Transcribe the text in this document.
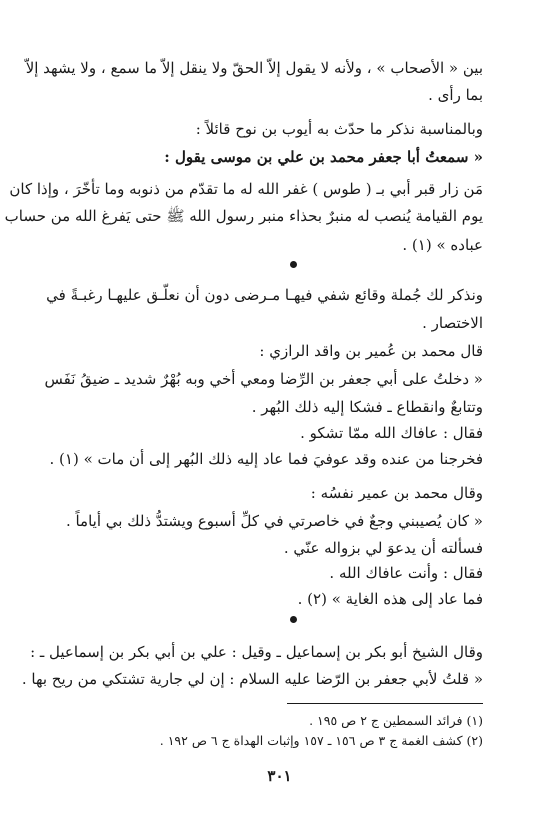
بين « الأصحاب » ، ولأنه لا يقول إلاّ الحقّ ولا ينقل إلاّ ما سمع ، ولا يشهد إلاّ
بما رأى .
وبالمناسبة نذكر ما حدّث به أيوب بن نوح قائلاً :
« سمعتُ أبا جعفر محمد بن علي بن موسى يقول :
مَن زار قبر أبي بـ ( طوس ) غفر الله له ما تقدّم من ذنوبه وما تأخّرَ ، وإذا كان
يوم القيامة يُنصب له منبرٌ بحذاء منبر رسول الله ﷺ حتى يَفرغ الله من حساب
عباده » (١) .
ونذكر لك جُملة وقائع شفي فيهـا مـرضى دون أن نعلّـق عليهـا رغبـةً في
الاختصار .
قال محمد بن عُمير بن واقد الرازي :
« دخلتُ على أبي جعفر بن الرِّضا ومعي أخي وبه بُهْرٌ شديد ـ ضيقُ نَفَس
وتتابعٌ وانقطاع ـ فشكا إليه ذلك البُهر .
فقال : عافاك الله ممّا تشكو .
فخرجنا من عنده وقد عوفيَ فما عاد إليه ذلك البُهر إلى أن مات » (١) .
وقال محمد بن عمير نفسُه :
« كان يُصيبني وجعٌ في خاصرتي في كلِّ أسبوع ويشتدُّ ذلك بي أياماً .
فسألته أن يدعوَ لي بزواله عنّي .
فقال : وأنت عافاك الله .
فما عاد إلى هذه الغاية » (٢) .
وقال الشيخ أبو بكر بن إسماعيل ـ وقيل : علي بن أبي بكر بن إسماعيل ـ :
« قلتُ لأبي جعفر بن الرّضا عليه السلام : إن لي جارية تشتكي من ريح بها .
(١) فرائد السمطين ج ٢ ص ١٩٥ .
(٢) كشف الغمة ج ٣ ص ١٥٦ ـ ١٥٧ وإثبات الهداة ج ٦ ص ١٩٢ .
٣٠١
